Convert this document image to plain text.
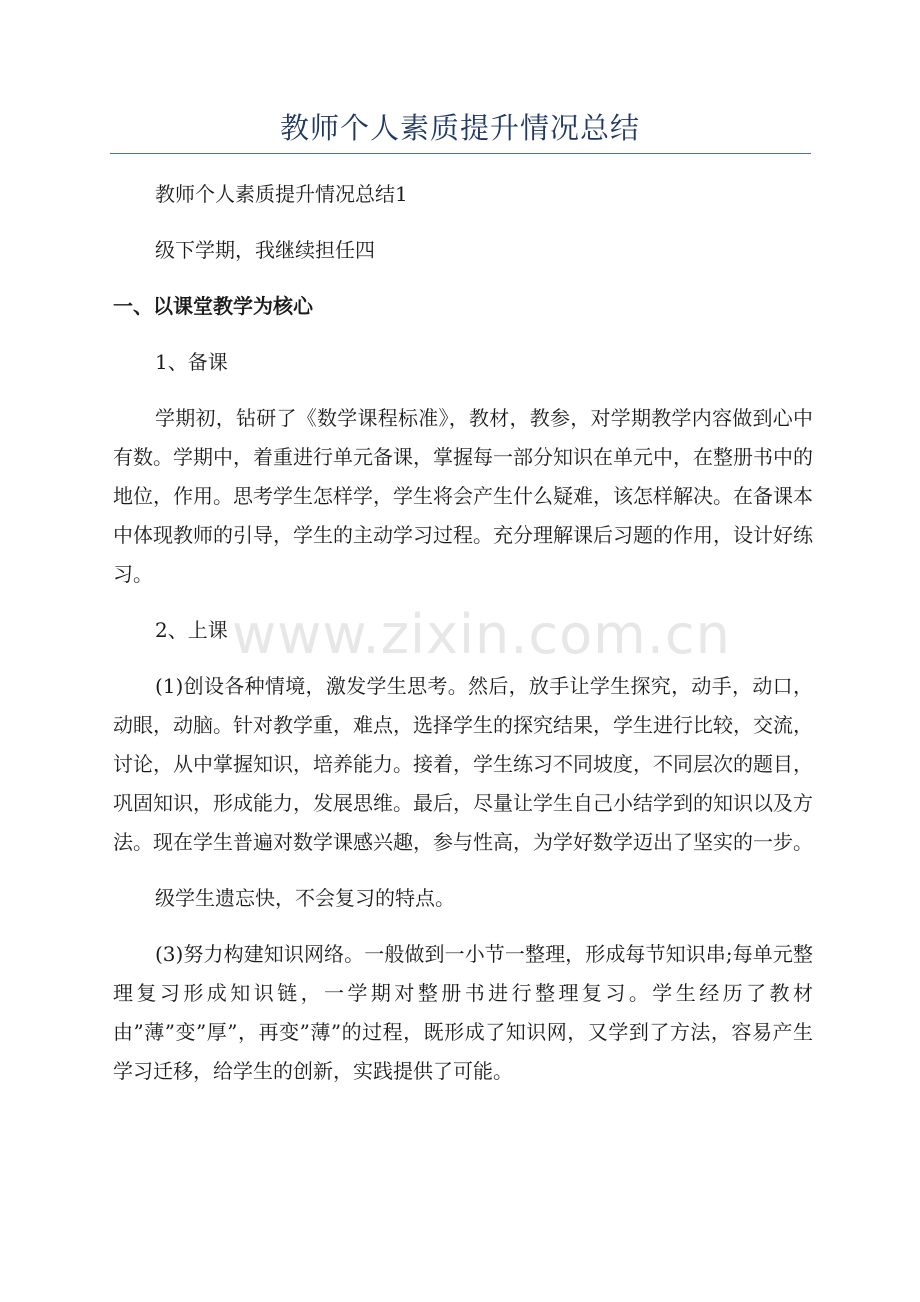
教师个人素质提升情况总结

教师个人素质提升情况总结1

级下学期，我继续担任四

一、以课堂教学为核心

1、备课

学期初，钻研了《数学课程标准》，教材，教参，对学期教学内容做到心中有数。学期中，着重进行单元备课，掌握每一部分知识在单元中，在整册书中的地位，作用。思考学生怎样学，学生将会产生什么疑难，该怎样解决。在备课本中体现教师的引导，学生的主动学习过程。充分理解课后习题的作用，设计好练习。

2、上课

(1)创设各种情境，激发学生思考。然后，放手让学生探究，动手，动口，动眼，动脑。针对教学重，难点，选择学生的探究结果，学生进行比较，交流，讨论，从中掌握知识，培养能力。接着，学生练习不同坡度，不同层次的题目，巩固知识，形成能力，发展思维。最后，尽量让学生自己小结学到的知识以及方法。现在学生普遍对数学课感兴趣，参与性高，为学好数学迈出了坚实的一步。

级学生遗忘快，不会复习的特点。

(3)努力构建知识网络。一般做到一小节一整理，形成每节知识串;每单元整理复习形成知识链，一学期对整册书进行整理复习。学生经历了教材由”薄”变”厚”，再变”薄”的过程，既形成了知识网，又学到了方法，容易产生学习迁移，给学生的创新，实践提供了可能。

www.zixin.com.cn
